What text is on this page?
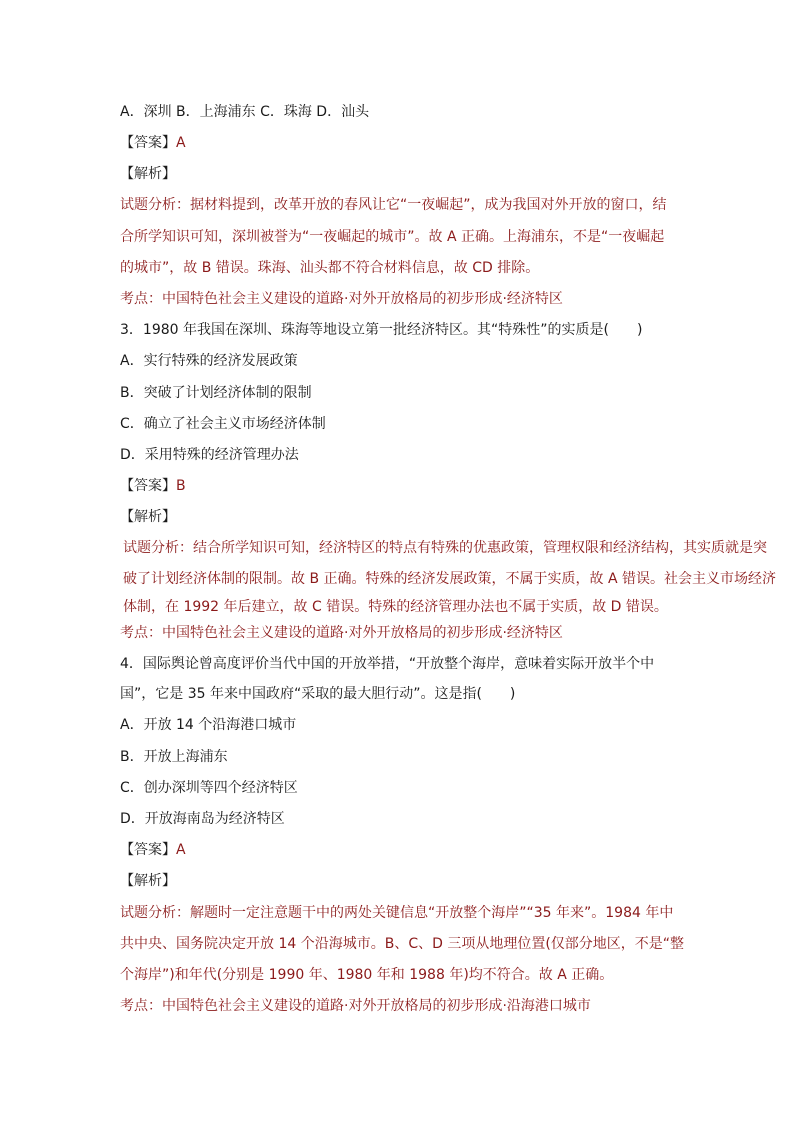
A．深圳 B．上海浦东 C．珠海 D．汕头
【答案】A
【解析】
试题分析：据材料提到，改革开放的春风让它“一夜崛起”，成为我国对外开放的窗口，结
合所学知识可知，深圳被誉为“一夜崛起的城市”。故 A 正确。上海浦东，不是“一夜崛起
的城市”，故 B 错误。珠海、汕头都不符合材料信息，故 CD 排除。
考点：中国特色社会主义建设的道路·对外开放格局的初步形成·经济特区
3．1980 年我国在深圳、珠海等地设立第一批经济特区。其“特殊性”的实质是(　　)
A．实行特殊的经济发展政策
B．突破了计划经济体制的限制
C．确立了社会主义市场经济体制
D．采用特殊的经济管理办法
【答案】B
【解析】
试题分析：结合所学知识可知，经济特区的特点有特殊的优惠政策，管理权限和经济结构，其实质就是突
破了计划经济体制的限制。故 B 正确。特殊的经济发展政策，不属于实质，故 A 错误。社会主义市场经济
体制，在 1992 年后建立，故 C 错误。特殊的经济管理办法也不属于实质，故 D 错误。
考点：中国特色社会主义建设的道路·对外开放格局的初步形成·经济特区
4．国际舆论曾高度评价当代中国的开放举措，“开放整个海岸，意味着实际开放半个中
国”，它是 35 年来中国政府“采取的最大胆行动”。这是指(　　)
A．开放 14 个沿海港口城市
B．开放上海浦东
C．创办深圳等四个经济特区
D．开放海南岛为经济特区
【答案】A
【解析】
试题分析：解题时一定注意题干中的两处关键信息“开放整个海岸”“35 年来”。1984 年中
共中央、国务院决定开放 14 个沿海城市。B、C、D 三项从地理位置(仅部分地区，不是“整
个海岸”)和年代(分别是 1990 年、1980 年和 1988 年)均不符合。故 A 正确。
考点：中国特色社会主义建设的道路·对外开放格局的初步形成·沿海港口城市
